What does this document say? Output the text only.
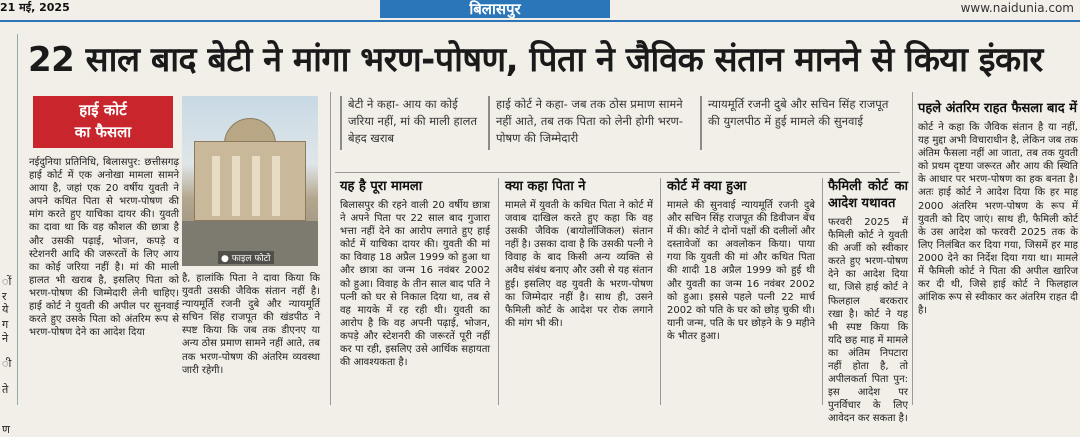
21 मई, 2025	बिलासपुर	www.naidunia.com
ों
र
ये
ग
ने
ी
ते
ण
22 साल बाद बेटी ने मांगा भरण-पोषण, पिता ने जैविक संतान मानने से किया इंकार
हाई कोर्ट
का फैसला
● फाइल फोटो
नईदुनिया प्रतिनिधि, बिलासपुर: छत्तीसगढ़ हाई कोर्ट में एक अनोखा मामला सामने आया है, जहां एक 20 वर्षीय युवती ने अपने कथित पिता से भरण-पोषण की मांग करते हुए याचिका दायर की। युवती का दावा था कि वह कौशल की छात्रा है और उसकी पढ़ाई, भोजन, कपड़े व स्टेशनरी आदि की जरूरतों के लिए आय का कोई जरिया नहीं है। मां की माली हालत भी खराब है, इसलिए पिता को भरण-पोषण की जिम्मेदारी लेनी चाहिए। हाई कोर्ट ने युवती की अपील पर सुनवाई करते हुए उसके पिता को अंतरिम रूप से भरण-पोषण देने का आदेश दिया
है, हालांकि पिता ने दावा किया कि युवती उसकी जैविक संतान नहीं है। न्यायमूर्ति रजनी दुबे और न्यायमूर्ति सचिन सिंह राजपूत की खंडपीठ ने स्पष्ट किया कि जब तक डीएनए या अन्य ठोस प्रमाण सामने नहीं आते, तब तक भरण-पोषण की अंतरिम व्यवस्था जारी रहेगी।
बेटी ने कहा- आय का कोई जरिया नहीं, मां की माली हालत बेहद खराब
हाई कोर्ट ने कहा- जब तक ठोस प्रमाण सामने नहीं आते, तब तक पिता को लेनी होगी भरण-पोषण की जिम्मेदारी
न्यायमूर्ति रजनी दुबे और सचिन सिंह राजपूत की युगलपीठ में हुई मामले की सुनवाई
यह है पूरा मामला
बिलासपुर की रहने वाली 20 वर्षीय छात्रा ने अपने पिता पर 22 साल बाद गुजारा भत्ता नहीं देने का आरोप लगाते हुए हाई कोर्ट में याचिका दायर की। युवती की मां का विवाह 18 अप्रैल 1999 को हुआ था और छात्रा का जन्म 16 नवंबर 2002 को हुआ। विवाह के तीन साल बाद पति ने पत्नी को घर से निकाल दिया था, तब से वह मायके में रह रही थी। युवती का आरोप है कि वह अपनी पढ़ाई, भोजन, कपड़े और स्टेशनरी की जरूरतें पूरी नहीं कर पा रही, इसलिए उसे आर्थिक सहायता की आवश्यकता है।
क्या कहा पिता ने
मामले में युवती के कथित पिता ने कोर्ट में जवाब दाखिल करते हुए कहा कि वह उसकी जैविक (बायोलॉजिकल) संतान नहीं है। उसका दावा है कि उसकी पत्नी ने विवाह के बाद किसी अन्य व्यक्ति से अवैध संबंध बनाए और उसी से यह संतान हुई। इसलिए वह युवती के भरण-पोषण का जिम्मेदार नहीं है। साथ ही, उसने फैमिली कोर्ट के आदेश पर रोक लगाने की मांग भी की।
कोर्ट में क्या हुआ
मामले की सुनवाई न्यायमूर्ति रजनी दुबे और सचिन सिंह राजपूत की डिवीजन बेंच में की। कोर्ट ने दोनों पक्षों की दलीलों और दस्तावेजों का अवलोकन किया। पाया गया कि युवती की मां और कथित पिता की शादी 18 अप्रैल 1999 को हुई थी और युवती का जन्म 16 नवंबर 2002 को हुआ। इससे पहले पत्नी 22 मार्च 2002 को पति के घर को छोड़ चुकी थी। यानी जन्म, पति के घर छोड़ने के 9 महीने के भीतर हुआ।
फैमिली कोर्ट का आदेश यथावत
फरवरी 2025 में फैमिली कोर्ट ने युवती की अर्जी को स्वीकार करते हुए भरण-पोषण देने का आदेश दिया था, जिसे हाई कोर्ट ने फिलहाल बरकरार रखा है। कोर्ट ने यह भी स्पष्ट किया कि यदि छह माह में मामले का अंतिम निपटारा नहीं होता है, तो अपीलकर्ता पिता पुन: इस आदेश पर पुनर्विचार के लिए आवेदन कर सकता है।
पहले अंतरिम राहत फैसला बाद में
कोर्ट ने कहा कि जैविक संतान है या नहीं, यह मुद्दा अभी विचाराधीन है, लेकिन जब तक अंतिम फैसला नहीं आ जाता, तब तक युवती को प्रथम दृष्टया जरूरत और आय की स्थिति के आधार पर भरण-पोषण का हक बनता है। अतः हाई कोर्ट ने आदेश दिया कि हर माह 2000 अंतरिम भरण-पोषण के रूप में युवती को दिए जाएं। साथ ही, फैमिली कोर्ट के उस आदेश को फरवरी 2025 तक के लिए निलंबित कर दिया गया, जिसमें हर माह 2000 देने का निर्देश दिया गया था। मामले में फैमिली कोर्ट ने पिता की अपील खारिज कर दी थी, जिसे हाई कोर्ट ने फिलहाल आंशिक रूप से स्वीकार कर अंतरिम राहत दी है।
